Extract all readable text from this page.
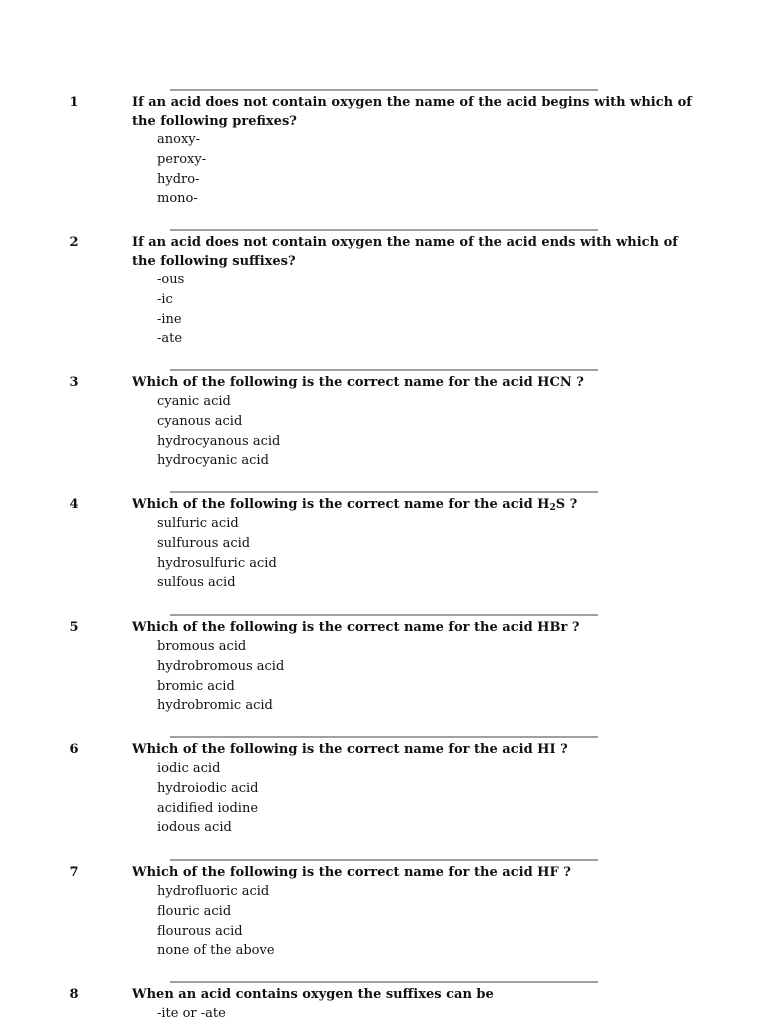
1	If an acid does not contain oxygen the name of the acid begins with which of the following prefixes?
anoxy-
peroxy-
hydro-
mono-
2	If an acid does not contain oxygen the name of the acid ends with which of the following suffixes?
-ous
-ic
-ine
-ate
3	Which of the following is the correct name for the acid HCN ?
cyanic acid
cyanous acid
hydrocyanous acid
hydrocyanic acid
4	Which of the following is the correct name for the acid $H_2S$ ?
sulfuric acid
sulfurous acid
hydrosulfuric acid
sulfous acid
5	Which of the following is the correct name for the acid HBr ?
bromous acid
hydrobromous acid
bromic acid
hydrobromic acid
6	Which of the following is the correct name for the acid HI ?
iodic acid
hydroiodic acid
acidified iodine
iodous acid
7	Which of the following is the correct name for the acid HF ?
hydrofluoric acid
flouric acid
flourous acid
none of the above
8	When an acid contains oxygen the suffixes can be
-ite or -ate
